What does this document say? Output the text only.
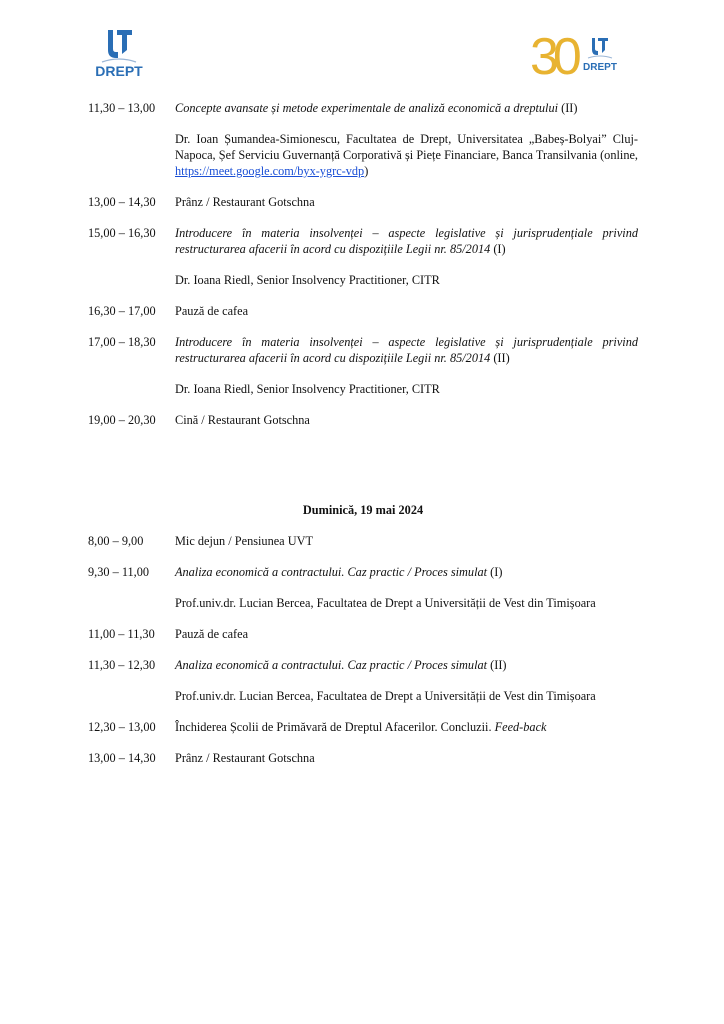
DREPT	30 DREPT
11,30 – 13,00	Concepte avansate și metode experimentale de analiză economică a dreptului (II)
Dr. Ioan Șumandea-Simionescu, Facultatea de Drept, Universitatea „Babeș-Bolyai” Cluj-Napoca, Șef Serviciu Guvernanță Corporativă și Piețe Financiare, Banca Transilvania (online, https://meet.google.com/byx-ygrc-vdp)
13,00 – 14,30	Prânz / Restaurant Gotschna
15,00 – 16,30	Introducere în materia insolvenței – aspecte legislative și jurisprudențiale privind restructurarea afacerii în acord cu dispozițiile Legii nr. 85/2014 (I)
Dr. Ioana Riedl, Senior Insolvency Practitioner, CITR
16,30 – 17,00	Pauză de cafea
17,00 – 18,30	Introducere în materia insolvenței – aspecte legislative și jurisprudențiale privind restructurarea afacerii în acord cu dispozițiile Legii nr. 85/2014 (II)
Dr. Ioana Riedl, Senior Insolvency Practitioner, CITR
19,00 – 20,30	Cină / Restaurant Gotschna
Duminică, 19 mai 2024
8,00 – 9,00	Mic dejun / Pensiunea UVT
9,30 – 11,00	Analiza economică a contractului. Caz practic / Proces simulat (I)
Prof.univ.dr. Lucian Bercea, Facultatea de Drept a Universității de Vest din Timișoara
11,00 – 11,30	Pauză de cafea
11,30 – 12,30	Analiza economică a contractului. Caz practic / Proces simulat (II)
Prof.univ.dr. Lucian Bercea, Facultatea de Drept a Universității de Vest din Timișoara
12,30 – 13,00	Închiderea Școlii de Primăvară de Dreptul Afacerilor. Concluzii. Feed-back
13,00 – 14,30	Prânz / Restaurant Gotschna
